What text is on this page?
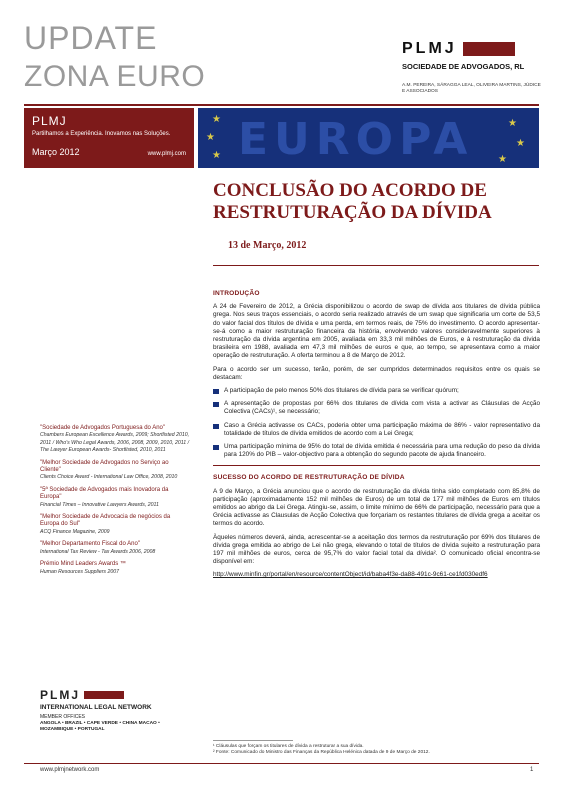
UPDATE
ZONA EURO
PLMJ
SOCIEDADE DE ADVOGADOS, RL
A.M. PEREIRA, SÁRAGGA LEAL, OLIVEIRA MARTINS, JÚDICE E ASSOCIADOS
PLMJ
Partilhamos a Experiência. Inovamos nas Soluções.
Março 2012	www.plmj.com
★
★
★
★
★
★
EUROPA
CONCLUSÃO DO ACORDO DE RESTRUTURAÇÃO DA DÍVIDA
13 de Março, 2012
INTRODUÇÃO

A 24 de Fevereiro de 2012, a Grécia disponibilizou o acordo de swap de dívida aos titulares de dívida pública grega. Nos seus traços essenciais, o acordo seria realizado através de um swap que significaria um corte de 53,5 do valor facial dos títulos de dívida e uma perda, em termos reais, de 75% do investimento. O acordo apresentar-se-á como a maior restruturação financeira da história, envolvendo valores consideravelmente superiores à restruturação da dívida argentina em 2005, avaliada em 33,3 mil milhões de Euros, e à restruturação da dívida brasileira em 1988, avaliada em 47,3 mil milhões de euros e que, ao tempo, se apresentava como a maior operação de restruturação. A oferta terminou a 8 de Março de 2012.

Para o acordo ser um sucesso, terão, porém, de ser cumpridos determinados requisitos entre os quais se destacam:

A participação de pelo menos 50% dos titulares de dívida para se verificar quórum;
A apresentação de propostas por 66% dos titulares de dívida com vista a activar as Cláusulas de Acção Colectiva (CACs)¹, se necessário;
Caso a Grécia activasse os CACs, poderia obter uma participação máxima de 86% - valor representativo da totalidade de títulos de dívida emitidos de acordo com a Lei Grega;
Uma participação mínima de 95% do total de dívida emitida é necessária para uma redução do peso da dívida para 120% do PIB – valor-objectivo para a obtenção do segundo pacote de ajuda financeiro.
SUCESSO DO ACORDO DE RESTRUTURAÇÃO DE DÍVIDA

A 9 de Março, a Grécia anunciou que o acordo de restruturação da dívida tinha sido completado com 85,8% de participação (aproximadamente 152 mil milhões de Euros) de um total de 177 mil milhões de Euros em títulos emitidos ao abrigo da Lei Grega. Atingiu-se, assim, o limite mínimo de 66% de participação, necessário para que a Grécia activasse as Clausulas de Acção Colectiva que forçariam os restantes titulares de dívida grega a aceitar os termos do acordo.

Àqueles números deverá, ainda, acrescentar-se a aceitação dos termos da restruturação por 69% dos titulares de dívida grega emitida ao abrigo de Lei não grega, elevando o total de títulos de dívida sujeito a restruturação para 197 mil milhões de euros, cerca de 95,7% do valor facial total da dívida². O comunicado oficial encontra-se disponível em:

http://www.minfin.gr/portal/en/resource/contentObject/id/baba4f3e-da88-491c-9c61-ce1fd030edf6

"Sociedade de Advogados Portuguesa do Ano"
Chambers European Excellence Awards, 2009; Shortlisted 2010, 2011 / Who's Who Legal Awards, 2006, 2008, 2009, 2010, 2011 / The Lawyer European Awards- Shortlisted, 2010, 2011
"Melhor Sociedade de Advogados no Serviço ao Cliente"
Clients Choice Award - International Law Office, 2008, 2010
"5ª Sociedade de Advogados mais Inovadora da Europa"
Financial Times – Innovative Lawyers Awards, 2011
"Melhor Sociedade de Advocacia de negócios da Europa do Sul"
ACQ Finance Magazine, 2009
"Melhor Departamento Fiscal do Ano"
International Tax Review - Tax Awards 2006, 2008
Prémio Mind Leaders Awards ™
Human Resources Suppliers 2007
PLMJ
INTERNATIONAL LEGAL NETWORK
MEMBER OFFICES
ANGOLA • BRAZIL • CAPE VERDE • CHINA MACAO • MOZAMBIQUE • PORTUGAL
¹ Cláusulas que forçam os titulares de dívida a restruturar a sua dívida.
² Fonte: Comunicado do Ministro das Finanças da República Helénica datada de 9 de Março de 2012.
www.plmjnetwork.com	1
